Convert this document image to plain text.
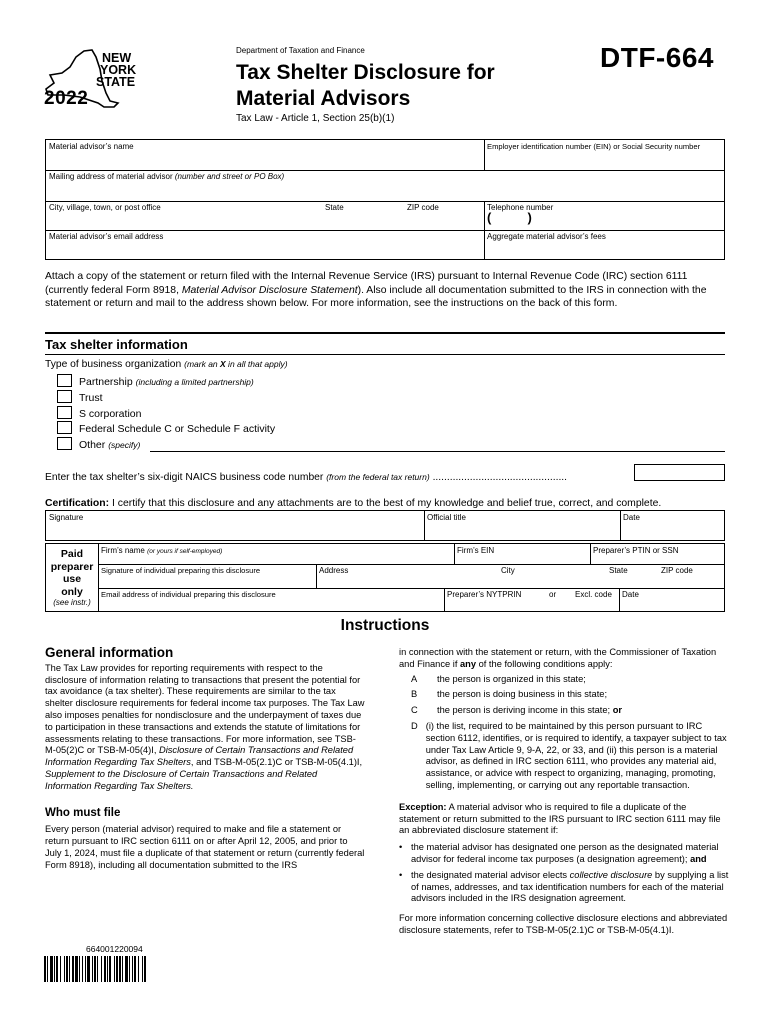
NEW
YORK
STATE
2022
Department of Taxation and Finance
Tax Shelter Disclosure for
Material Advisors
DTF-664
Tax Law - Article 1, Section 25(b)(1)
Material advisor’s name	Employer identification number (EIN) or Social Security number
Mailing address of material advisor (number and street or PO Box)
City, village, town, or post office	State	ZIP code	Telephone number
(          )
Material advisor’s email address	Aggregate material advisor’s fees
Attach a copy of the statement or return filed with the Internal Revenue Service (IRS) pursuant to Internal Revenue Code (IRC) section 6111 (currently federal Form 8918, Material Advisor Disclosure Statement). Also include all documentation submitted to the IRS in connection with the statement or return and mail to the address shown below. For more information, see the instructions on the back of this form.
Tax shelter information
Type of business organization (mark an X in all that apply)
Partnership (including a limited partnership)
Trust
S corporation
Federal Schedule C or Schedule F activity
Other (specify)
Enter the tax shelter’s six-digit NAICS business code number (from the federal tax return) ...............................................
Certification: I certify that this disclosure and any attachments are to the best of my knowledge and belief true, correct, and complete.
Signature	Official title	Date
Paid
preparer
use
only
(see instr.)
Firm’s name (or yours if self-employed)	Firm’s EIN	Preparer’s PTIN or SSN
Signature of individual preparing this disclosure	Address	City	State	ZIP code
Email address of individual preparing this disclosure	Preparer’s NYTPRIN	or	Excl. code	Date
Instructions
General information
The Tax Law provides for reporting requirements with respect to the disclosure of information relating to transactions that present the potential for tax avoidance (a tax shelter). These requirements are similar to the tax shelter disclosure requirements for federal income tax purposes. The Tax Law also imposes penalties for nondisclosure and the underpayment of taxes due to participation in these transactions and extends the statute of limitations for assessments relating to these transactions. For more information, see TSB-M-05(2)C or TSB-M-05(4)I, Disclosure of Certain Transactions and Related Information Regarding Tax Shelters, and TSB-M-05(2.1)C or TSB-M-05(4.1)I, Supplement to the Disclosure of Certain Transactions and Related Information Regarding Tax Shelters.
Who must file
Every person (material advisor) required to make and file a statement or return pursuant to IRC section 6111 on or after April 12, 2005, and prior to July 1, 2024, must file a duplicate of that statement or return (currently federal Form 8918), including all documentation submitted to the IRS
in connection with the statement or return, with the Commissioner of Taxation and Finance if any of the following conditions apply:
A	the person is organized in this state;
B	the person is doing business in this state;
C	the person is deriving income in this state; or
D (i) the list, required to be maintained by this person pursuant to IRC section 6112, identifies, or is required to identify, a taxpayer subject to tax under Tax Law Article 9, 9-A, 22, or 33, and (ii) this person is a material advisor, as defined in IRC section 6111, who provides any material aid, assistance, or advice with respect to organizing, managing, promoting, selling, implementing, or carrying out any reportable transaction.
Exception: A material advisor who is required to file a duplicate of the statement or return submitted to the IRS pursuant to IRC section 6111 may file an abbreviated disclosure statement if:
• the material advisor has designated one person as the designated material advisor for federal income tax purposes (a designation agreement); and
• the designated material advisor elects collective disclosure by supplying a list of names, addresses, and tax identification numbers for each of the material advisors included in the IRS designation agreement.
For more information concerning collective disclosure elections and abbreviated disclosure statements, refer to TSB-M-05(2.1)C or TSB-M-05(4.1)I.
664001220094
